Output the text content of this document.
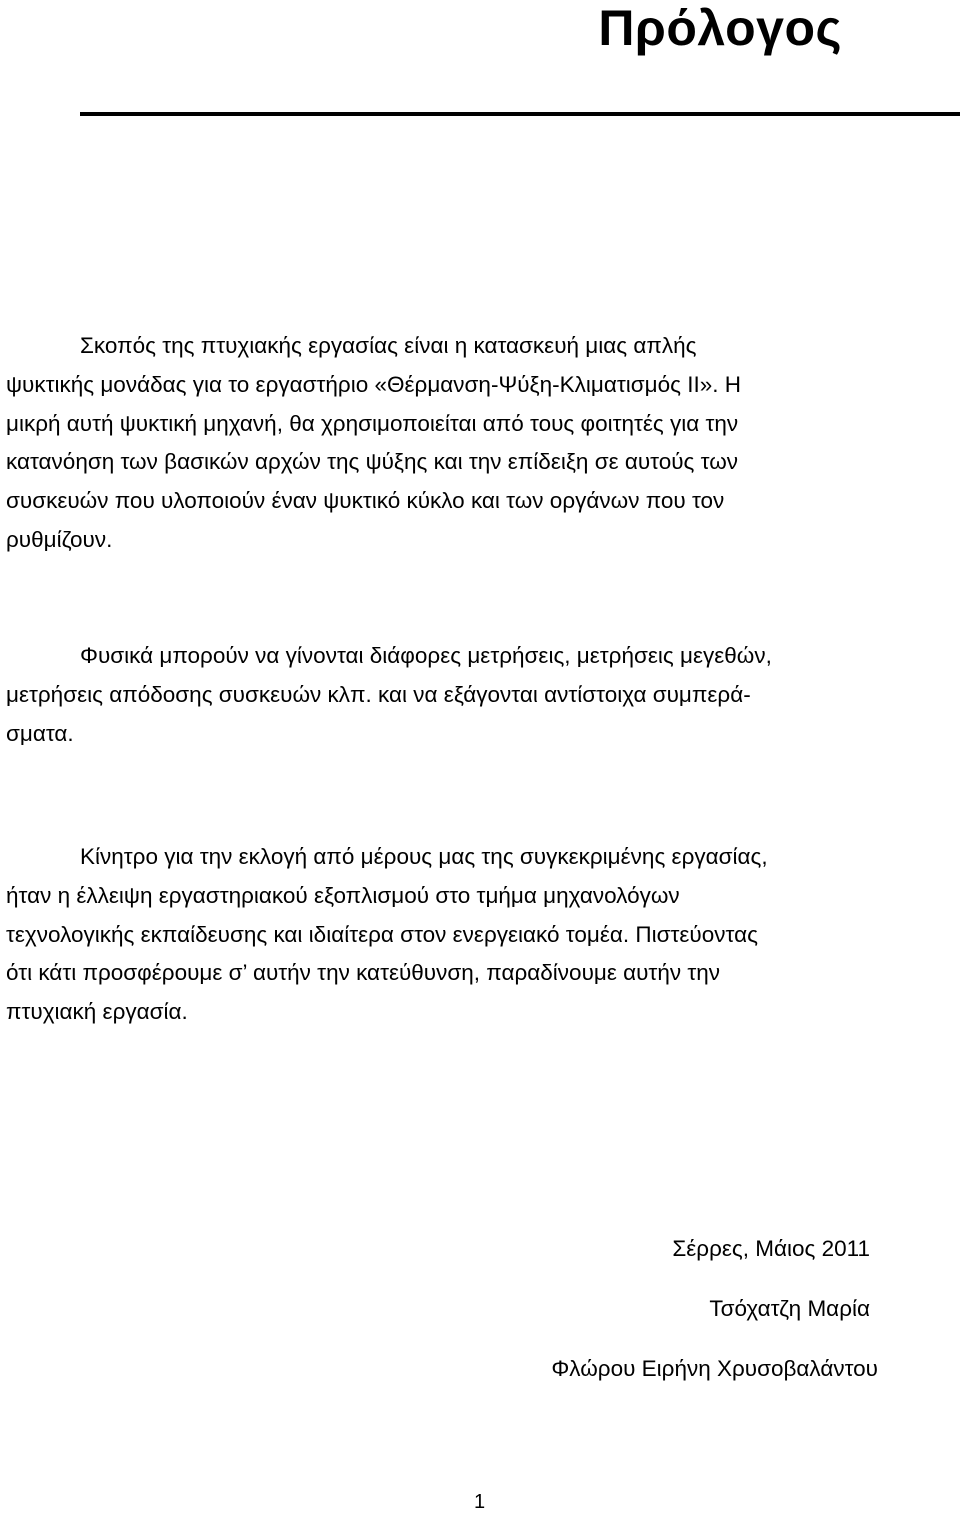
Πρόλογος
Σκοπός της πτυχιακής εργασίας είναι η κατασκευή μιας απλής
ψυκτικής μονάδας για το εργαστήριο «Θέρμανση-Ψύξη-Κλιματισμός ΙΙ». Η
μικρή αυτή ψυκτική μηχανή, θα χρησιμοποιείται από τους φοιτητές για την
κατανόηση των βασικών αρχών της ψύξης και την επίδειξη σε αυτούς των
συσκευών που υλοποιούν έναν ψυκτικό κύκλο και των οργάνων που τον
ρυθμίζουν.
Φυσικά μπορούν να γίνονται διάφορες μετρήσεις, μετρήσεις μεγεθών,
μετρήσεις απόδοσης συσκευών κλπ. και να εξάγονται αντίστοιχα συμπερά-
σματα.
Κίνητρο για την εκλογή από μέρους μας της συγκεκριμένης εργασίας,
ήταν η έλλειψη εργαστηριακού εξοπλισμού στο τμήμα μηχανολόγων
τεχνολογικής εκπαίδευσης και ιδιαίτερα στον ενεργειακό τομέα. Πιστεύοντας
ότι κάτι προσφέρουμε σ’ αυτήν την κατεύθυνση, παραδίνουμε αυτήν την
πτυχιακή εργασία.
Σέρρες, Μάιος 2011
Τσόχατζη Μαρία
Φλώρου Ειρήνη Χρυσοβαλάντου
1
